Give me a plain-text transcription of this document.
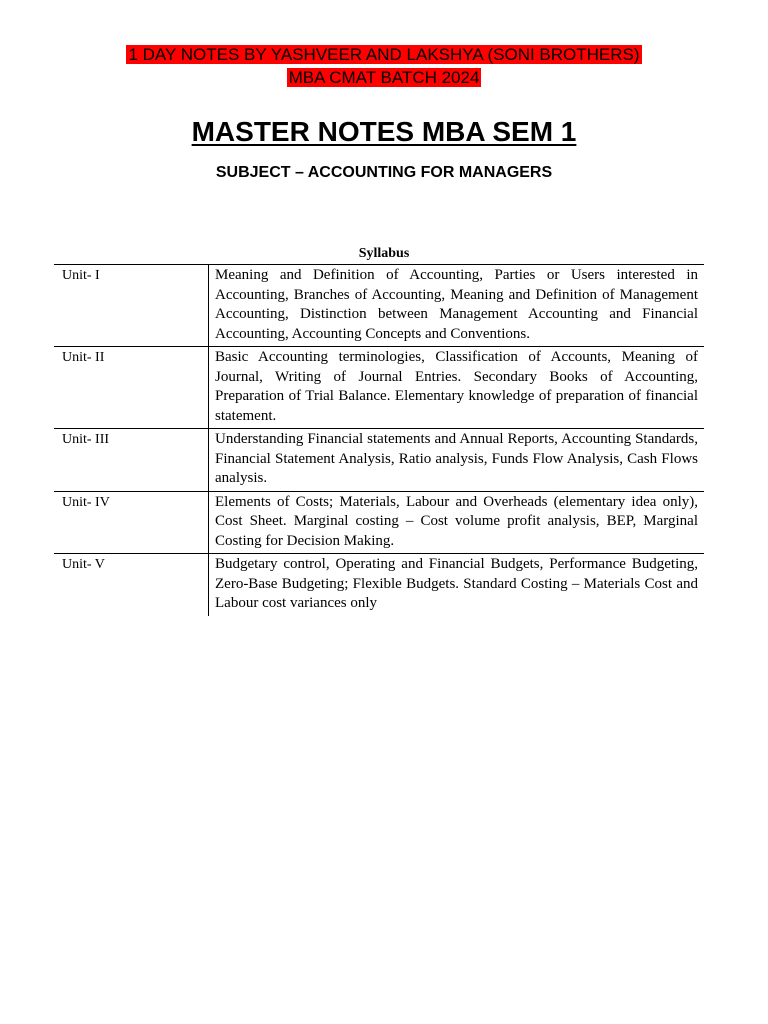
1 DAY NOTES BY YASHVEER AND LAKSHYA (SONI BROTHERS)
MBA CMAT BATCH 2024
MASTER NOTES MBA SEM 1
SUBJECT – ACCOUNTING FOR MANAGERS
Syllabus
Unit- I	Meaning and Definition of Accounting, Parties or Users interested in Accounting, Branches of Accounting, Meaning and Definition of Management Accounting, Distinction between Management Accounting and Financial Accounting, Accounting Concepts and Conventions.
Unit- II	Basic Accounting terminologies, Classification of Accounts, Meaning of Journal, Writing of Journal Entries. Secondary Books of Accounting, Preparation of Trial Balance. Elementary knowledge of preparation of financial statement.
Unit- III	Understanding Financial statements and Annual Reports, Accounting Standards, Financial Statement Analysis, Ratio analysis, Funds Flow Analysis, Cash Flows analysis.
Unit- IV	Elements of Costs; Materials, Labour and Overheads (elementary idea only), Cost Sheet. Marginal costing – Cost volume profit analysis, BEP, Marginal Costing for Decision Making.
Unit- V	Budgetary control, Operating and Financial Budgets, Performance Budgeting, Zero-Base Budgeting; Flexible Budgets. Standard Costing – Materials Cost and Labour cost variances only
